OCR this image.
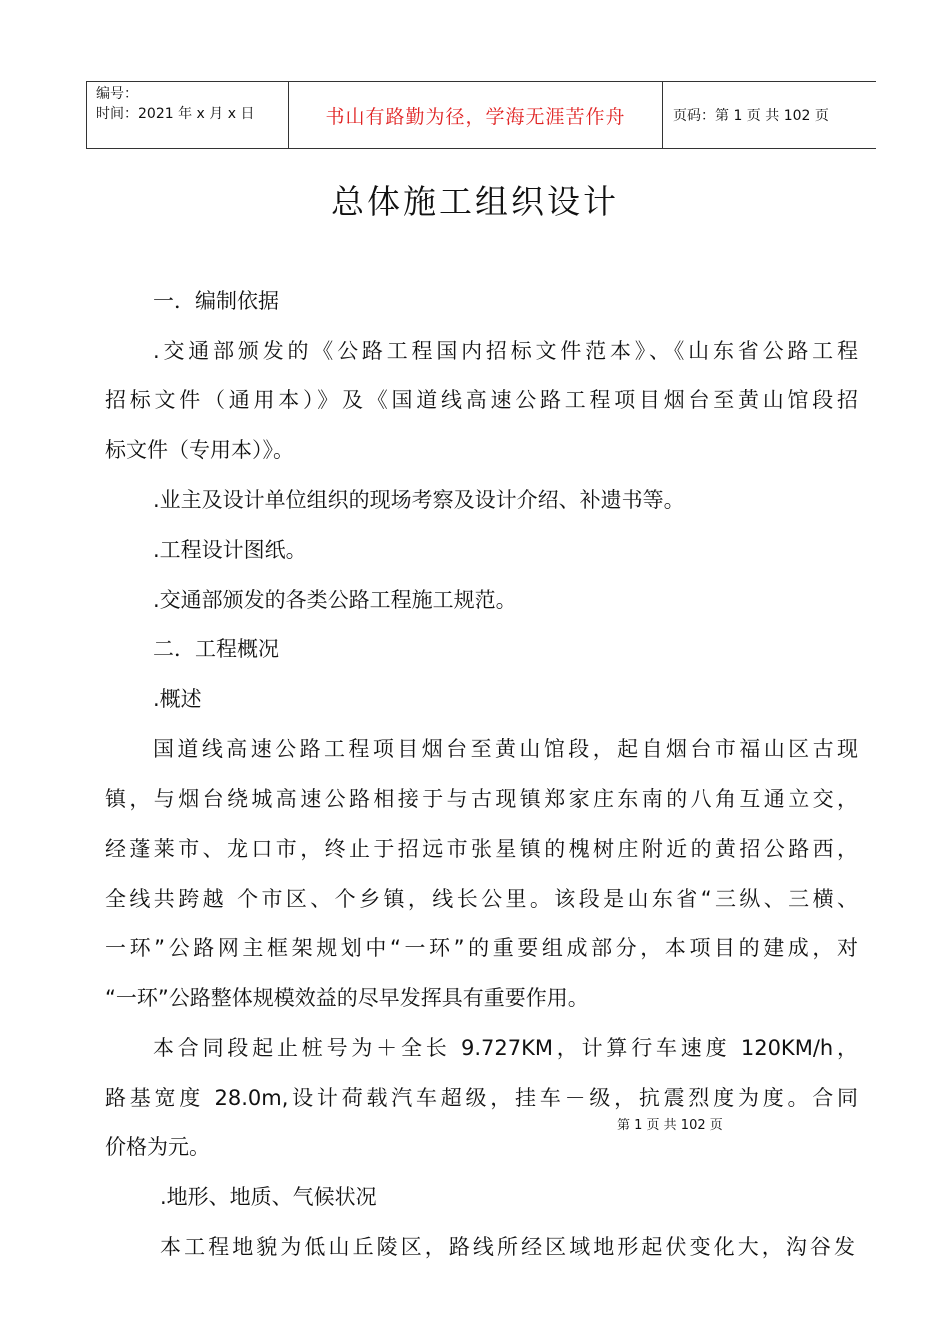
编号：
时间：2021 年 x 月 x 日	书山有路勤为径，学海无涯苦作舟	页码：第 1 页 共 102 页
总体施工组织设计
一．编制依据
.交通部颁发的《公路工程国内招标文件范本》、《山东省公路工程
招标文件（通用本）》及《国道线高速公路工程项目烟台至黄山馆段招
标文件（专用本）》。
.业主及设计单位组织的现场考察及设计介绍、补遗书等。
.工程设计图纸。
.交通部颁发的各类公路工程施工规范。
二．工程概况
.概述
国道线高速公路工程项目烟台至黄山馆段，起自烟台市福山区古现
镇，与烟台绕城高速公路相接于与古现镇郑家庄东南的八角互通立交，
经蓬莱市、龙口市，终止于招远市张星镇的槐树庄附近的黄招公路西，
全线共跨越 个市区、个乡镇，线长公里。该段是山东省“三纵、三横、
一环”公路网主框架规划中“一环”的重要组成部分，本项目的建成，对
“一环”公路整体规模效益的尽早发挥具有重要作用。
本合同段起止桩号为＋全长 9.727KM，计算行车速度 120KM/h，
路基宽度 28.0m,设计荷载汽车超级，挂车－级，抗震烈度为度。合同
第 1 页 共 102 页
价格为元。
.地形、地质、气候状况
本工程地貌为低山丘陵区，路线所经区域地形起伏变化大，沟谷发
